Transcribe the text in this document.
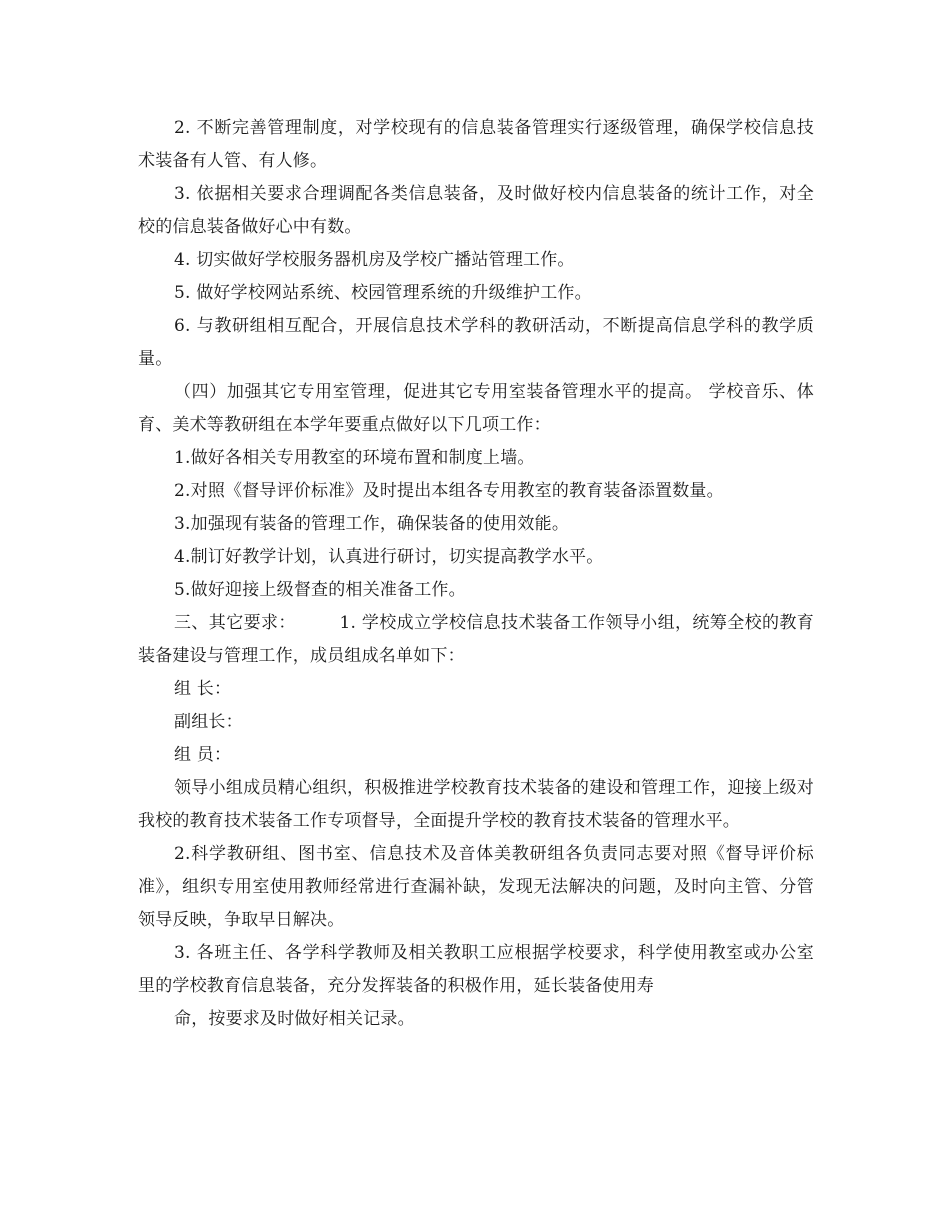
2. 不断完善管理制度，对学校现有的信息装备管理实行逐级管理，确保学校信息技术装备有人管、有人修。

3. 依据相关要求合理调配各类信息装备，及时做好校内信息装备的统计工作，对全校的信息装备做好心中有数。

4. 切实做好学校服务器机房及学校广播站管理工作。

5. 做好学校网站系统、校园管理系统的升级维护工作。

6. 与教研组相互配合，开展信息技术学科的教研活动，不断提高信息学科的教学质量。

（四）加强其它专用室管理，促进其它专用室装备管理水平的提高。 学校音乐、体育、美术等教研组在本学年要重点做好以下几项工作：

1.做好各相关专用教室的环境布置和制度上墙。

2.对照《督导评价标准》及时提出本组各专用教室的教育装备添置数量。

3.加强现有装备的管理工作，确保装备的使用效能。

4.制订好教学计划，认真进行研讨，切实提高教学水平。

5.做好迎接上级督查的相关准备工作。

三、其它要求：　　　1. 学校成立学校信息技术装备工作领导小组，统筹全校的教育装备建设与管理工作，成员组成名单如下：

组 长：

副组长：

组 员：

领导小组成员精心组织，积极推进学校教育技术装备的建设和管理工作，迎接上级对我校的教育技术装备工作专项督导，全面提升学校的教育技术装备的管理水平。

2.科学教研组、图书室、信息技术及音体美教研组各负责同志要对照《督导评价标准》，组织专用室使用教师经常进行查漏补缺，发现无法解决的问题，及时向主管、分管领导反映，争取早日解决。

3. 各班主任、各学科学教师及相关教职工应根据学校要求，科学使用教室或办公室里的学校教育信息装备，充分发挥装备的积极作用，延长装备使用寿

命，按要求及时做好相关记录。
